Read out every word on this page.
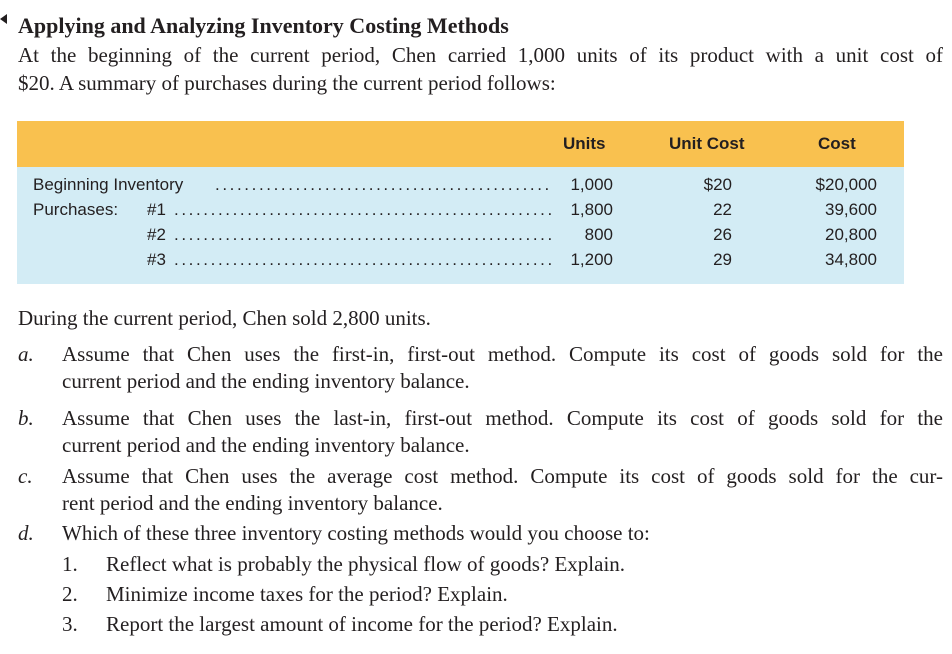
Applying and Analyzing Inventory Costing Methods
At the beginning of the current period, Chen carried 1,000 units of its product with a unit cost of
$20. A summary of purchases during the current period follows:
Units	Unit Cost	Cost
Beginning Inventory ..............................................	1,000	$20	$20,000
Purchases: #1 .................................................... 1,800	22	39,600
#2 ....................................................	800	26	20,800
#3 .................................................... 1,200	29	34,800
During the current period, Chen sold 2,800 units.
a. Assume that Chen uses the first-in, first-out method. Compute its cost of goods sold for the
current period and the ending inventory balance.
b. Assume that Chen uses the last-in, first-out method. Compute its cost of goods sold for the
current period and the ending inventory balance.
c. Assume that Chen uses the average cost method. Compute its cost of goods sold for the cur-
rent period and the ending inventory balance.
d. Which of these three inventory costing methods would you choose to:
1. Reflect what is probably the physical flow of goods? Explain.
2. Minimize income taxes for the period? Explain.
3. Report the largest amount of income for the period? Explain.
